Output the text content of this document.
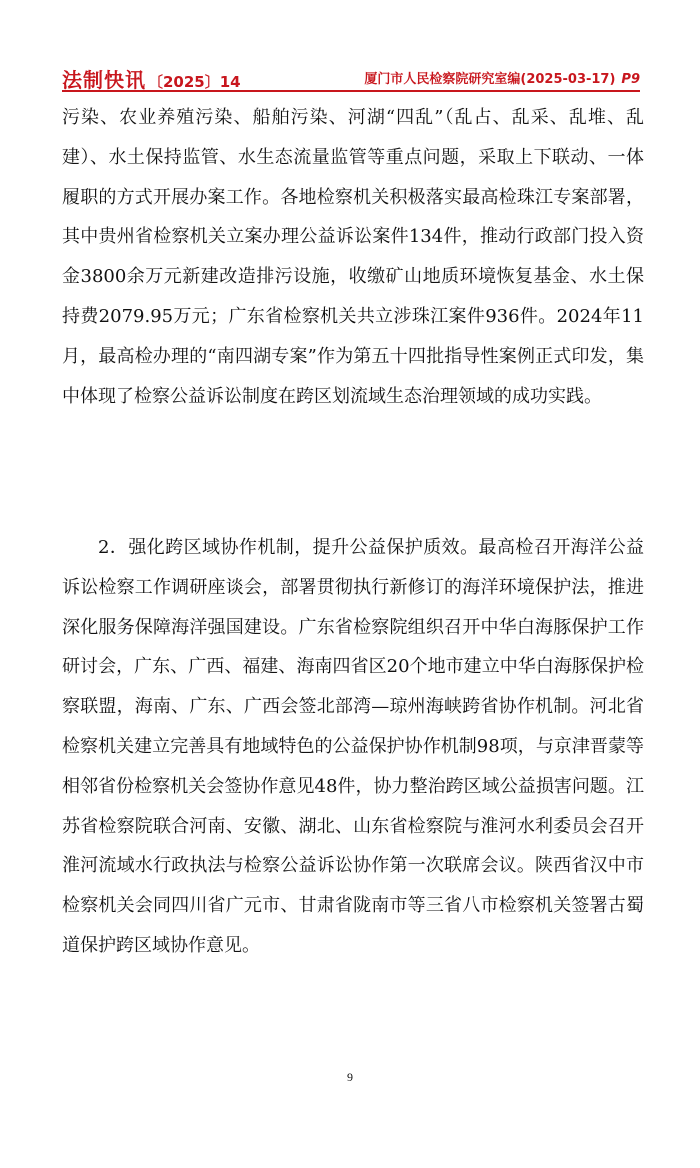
法制快讯 〔2025〕14	厦门市人民检察院研究室编(2025-03-17) P9

污染、农业养殖污染、船舶污染、河湖“四乱”（乱占、乱采、乱堆、乱建）、水土保持监管、水生态流量监管等重点问题，采取上下联动、一体履职的方式开展办案工作。各地检察机关积极落实最高检珠江专案部署，其中贵州省检察机关立案办理公益诉讼案件134件，推动行政部门投入资金3800余万元新建改造排污设施，收缴矿山地质环境恢复基金、水土保持费2079.95万元；广东省检察机关共立涉珠江案件936件。2024年11月，最高检办理的“南四湖专案”作为第五十四批指导性案例正式印发，集中体现了检察公益诉讼制度在跨区划流域生态治理领域的成功实践。

2．强化跨区域协作机制，提升公益保护质效。最高检召开海洋公益诉讼检察工作调研座谈会，部署贯彻执行新修订的海洋环境保护法，推进深化服务保障海洋强国建设。广东省检察院组织召开中华白海豚保护工作研讨会，广东、广西、福建、海南四省区20个地市建立中华白海豚保护检察联盟，海南、广东、广西会签北部湾—琼州海峡跨省协作机制。河北省检察机关建立完善具有地域特色的公益保护协作机制98项，与京津晋蒙等相邻省份检察机关会签协作意见48件，协力整治跨区域公益损害问题。江苏省检察院联合河南、安徽、湖北、山东省检察院与淮河水利委员会召开淮河流域水行政执法与检察公益诉讼协作第一次联席会议。陕西省汉中市检察机关会同四川省广元市、甘肃省陇南市等三省八市检察机关签署古蜀道保护跨区域协作意见。

9
